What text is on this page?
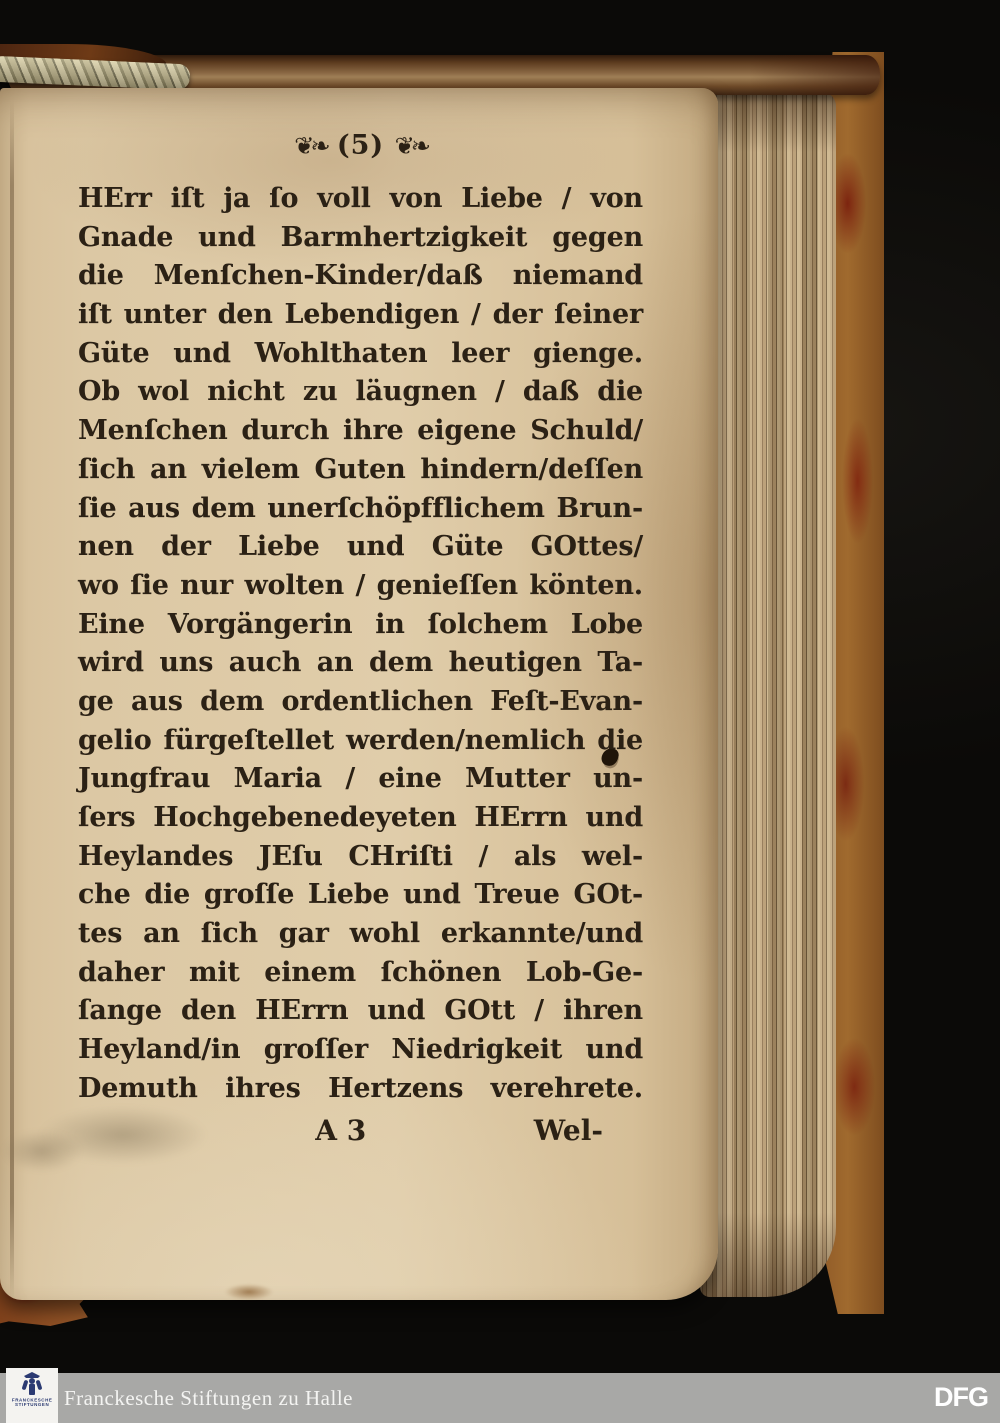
❦❧ (5) ❦❧
HErr iſt ja ſo voll von Liebe / von
Gnade und Barmhertzigkeit gegen
die Menſchen-Kinder/daß niemand
iſt unter den Lebendigen / der ſeiner
Güte und Wohlthaten leer gienge.
Ob wol nicht zu läugnen / daß die
Menſchen durch ihre eigene Schuld/
ſich an vielem Guten hindern/deſſen
ſie aus dem unerſchöpfflichem Brun-
nen der Liebe und Güte GOttes/
wo ſie nur wolten / genieſſen könten.
Eine Vorgängerin in ſolchem Lobe
wird uns auch an dem heutigen Ta-
ge aus dem ordentlichen Feſt-Evan-
gelio fürgeſtellet werden/nemlich die
Jungfrau Maria / eine Mutter un-
ſers Hochgebenedeyeten HErrn und
Heylandes JEſu CHriſti / als wel-
che die groſſe Liebe und Treue GOt-
tes an ſich gar wohl erkannte/und
daher mit einem ſchönen Lob-Ge-
ſange den HErrn und GOtt / ihren
Heyland/in groſſer Niedrigkeit und
Demuth ihres Hertzens verehrete.
A 3	Wel-
FRANCKESCHE
STIFTUNGEN Franckesche Stiftungen zu Halle	DFG
